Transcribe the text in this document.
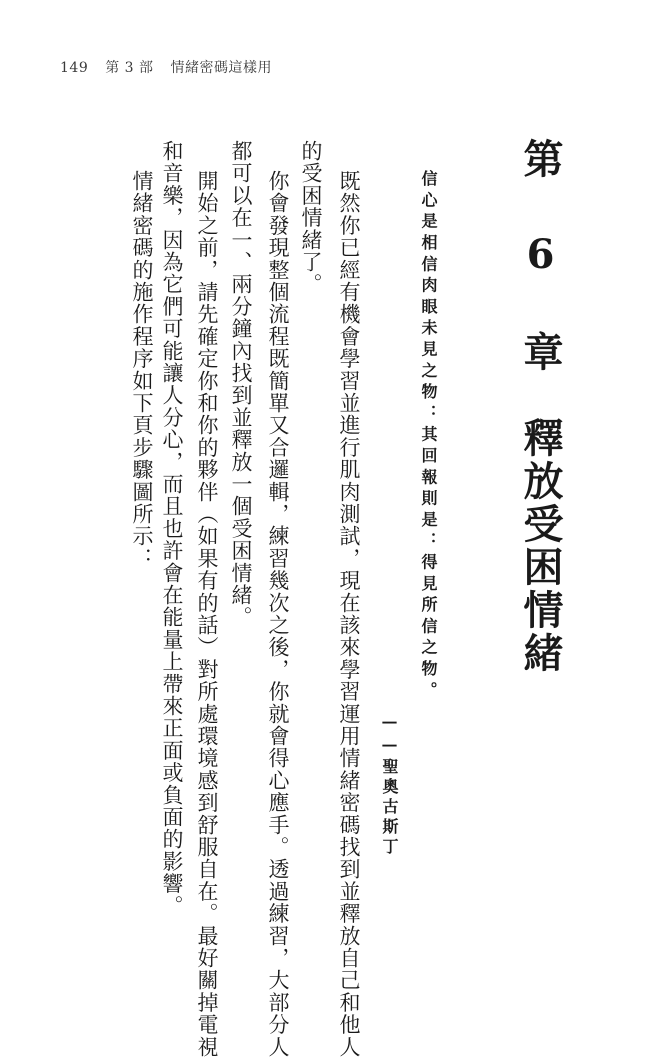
149 第 3 部 情緒密碼這樣用
第 6 章　釋放受困情緒
信心是相信肉眼未見之物：其回報則是：得見所信之物。
——聖奧古斯丁
既然你已經有機會學習並進行肌肉測試，現在該來學習運用情緒密碼找到並釋放自己和他人
的受困情緒了。
你會發現整個流程既簡單又合邏輯，練習幾次之後，你就會得心應手。透過練習，大部分人
都可以在一、兩分鐘內找到並釋放一個受困情緒。
開始之前，請先確定你和你的夥伴（如果有的話）對所處環境感到舒服自在。最好關掉電視
和音樂，因為它們可能讓人分心，而且也許會在能量上帶來正面或負面的影響。
情緒密碼的施作程序如下頁步驟圖所示：
